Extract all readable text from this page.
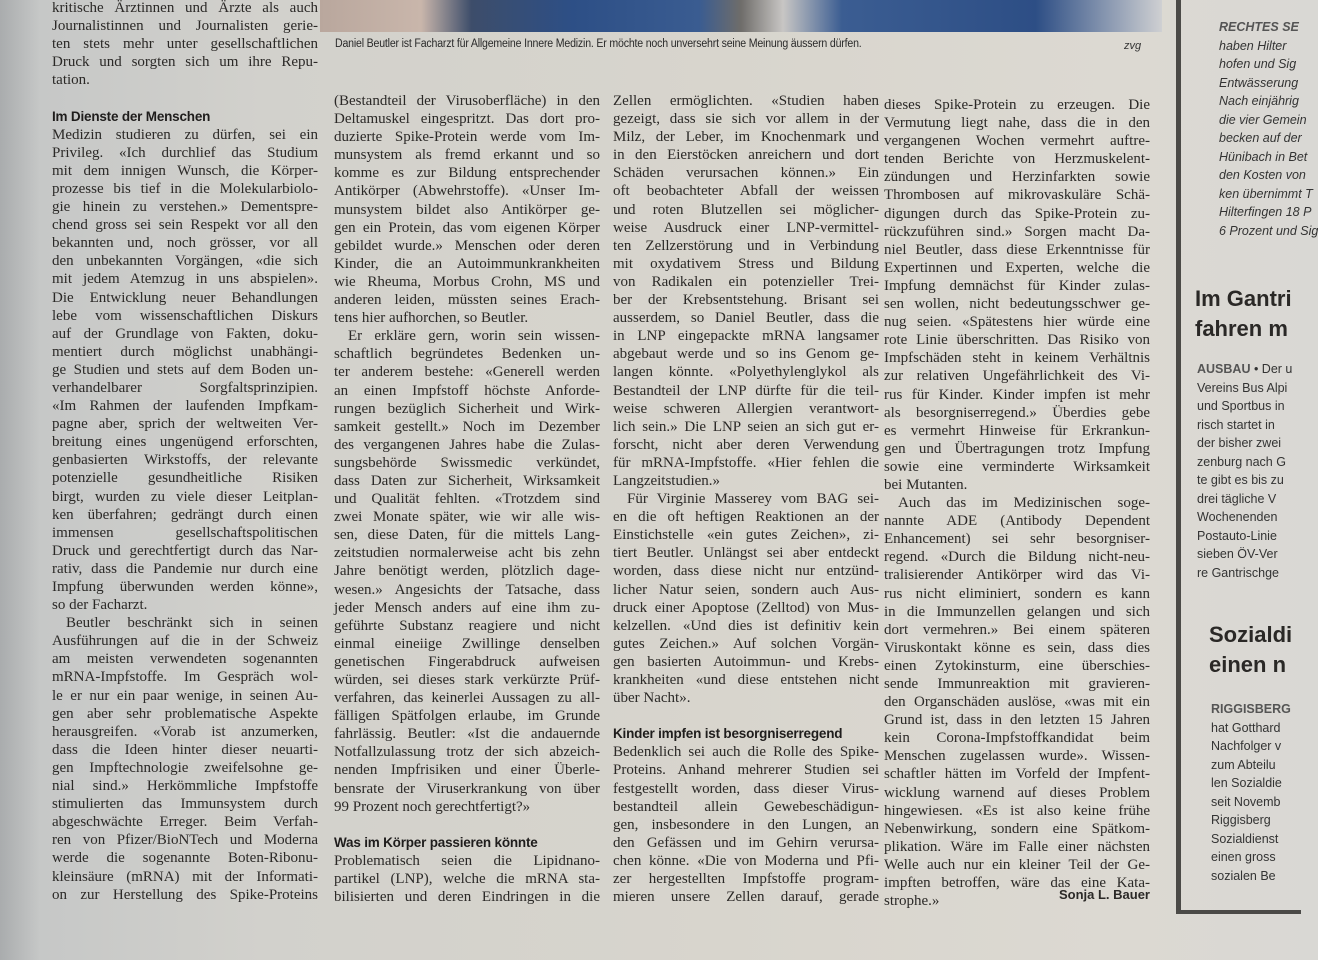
Daniel Beutler ist Facharzt für Allgemeine Innere Medizin. Er möchte noch unversehrt seine Meinung äussern dürfen.	zvg
kritische Ärztinnen und Ärzte als auch
Journalistinnen und Journalisten gerie-
ten stets mehr unter gesellschaftlichen
Druck und sorgten sich um ihre Repu-
tation.
Im Dienste der Menschen
Medizin studieren zu dürfen, sei ein
Privileg. «Ich durchlief das Studium
mit dem innigen Wunsch, die Körper-
prozesse bis tief in die Molekularbiolo-
gie hinein zu verstehen.» Dementspre-
chend gross sei sein Respekt vor all den
bekannten und, noch grösser, vor all
den unbekannten Vorgängen, «die sich
mit jedem Atemzug in uns abspielen».
Die Entwicklung neuer Behandlungen
lebe vom wissenschaftlichen Diskurs
auf der Grundlage von Fakten, doku-
mentiert durch möglichst unabhängi-
ge Studien und stets auf dem Boden un-
verhandelbarer Sorgfaltsprinzipien.
«Im Rahmen der laufenden Impfkam-
pagne aber, sprich der weltweiten Ver-
breitung eines ungenügend erforschten,
genbasierten Wirkstoffs, der relevante
potenzielle gesundheitliche Risiken
birgt, wurden zu viele dieser Leitplan-
ken überfahren; gedrängt durch einen
immensen gesellschaftspolitischen
Druck und gerechtfertigt durch das Nar-
rativ, dass die Pandemie nur durch eine
Impfung überwunden werden könne»,
so der Facharzt.
Beutler beschränkt sich in seinen
Ausführungen auf die in der Schweiz
am meisten verwendeten sogenannten
mRNA-Impfstoffe. Im Gespräch wol-
le er nur ein paar wenige, in seinen Au-
gen aber sehr problematische Aspekte
herausgreifen. «Vorab ist anzumerken,
dass die Ideen hinter dieser neuarti-
gen Impftechnologie zweifelsohne ge-
nial sind.» Herkömmliche Impfstoffe
stimulierten das Immunsystem durch
abgeschwächte Erreger. Beim Verfah-
ren von Pfizer/BioNTech und Moderna
werde die sogenannte Boten-Ribonu-
kleinsäure (mRNA) mit der Informati-
on zur Herstellung des Spike-Proteins
(Bestandteil der Virusoberfläche) in den
Deltamuskel eingespritzt. Das dort pro-
duzierte Spike-Protein werde vom Im-
munsystem als fremd erkannt und so
komme es zur Bildung entsprechender
Antikörper (Abwehrstoffe). «Unser Im-
munsystem bildet also Antikörper ge-
gen ein Protein, das vom eigenen Körper
gebildet wurde.» Menschen oder deren
Kinder, die an Autoimmunkrankheiten
wie Rheuma, Morbus Crohn, MS und
anderen leiden, müssten seines Erach-
tens hier aufhorchen, so Beutler.
Er erkläre gern, worin sein wissen-
schaftlich begründetes Bedenken un-
ter anderem bestehe: «Generell werden
an einen Impfstoff höchste Anforde-
rungen bezüglich Sicherheit und Wirk-
samkeit gestellt.» Noch im Dezember
des vergangenen Jahres habe die Zulas-
sungsbehörde Swissmedic verkündet,
dass Daten zur Sicherheit, Wirksamkeit
und Qualität fehlten. «Trotzdem sind
zwei Monate später, wie wir alle wis-
sen, diese Daten, für die mittels Lang-
zeitstudien normalerweise acht bis zehn
Jahre benötigt werden, plötzlich dage-
wesen.» Angesichts der Tatsache, dass
jeder Mensch anders auf eine ihm zu-
geführte Substanz reagiere und nicht
einmal eineiige Zwillinge denselben
genetischen Fingerabdruck aufweisen
würden, sei dieses stark verkürzte Prüf-
verfahren, das keinerlei Aussagen zu all-
fälligen Spätfolgen erlaube, im Grunde
fahrlässig. Beutler: «Ist die andauernde
Notfallzulassung trotz der sich abzeich-
nenden Impfrisiken und einer Überle-
bensrate der Viruserkrankung von über
99 Prozent noch gerechtfertigt?»
Was im Körper passieren könnte
Problematisch seien die Lipidnano-
partikel (LNP), welche die mRNA sta-
bilisierten und deren Eindringen in die
Zellen ermöglichten. «Studien haben
gezeigt, dass sie sich vor allem in der
Milz, der Leber, im Knochenmark und
in den Eierstöcken anreichern und dort
Schäden verursachen können.» Ein
oft beobachteter Abfall der weissen
und roten Blutzellen sei möglicher-
weise Ausdruck einer LNP-vermittel-
ten Zellzerstörung und in Verbindung
mit oxydativem Stress und Bildung
von Radikalen ein potenzieller Trei-
ber der Krebsentstehung. Brisant sei
ausserdem, so Daniel Beutler, dass die
in LNP eingepackte mRNA langsamer
abgebaut werde und so ins Genom ge-
langen könnte. «Polyethylenglykol als
Bestandteil der LNP dürfte für die teil-
weise schweren Allergien verantwort-
lich sein.» Die LNP seien an sich gut er-
forscht, nicht aber deren Verwendung
für mRNA-Impfstoffe. «Hier fehlen die
Langzeitstudien.»
Für Virginie Masserey vom BAG sei-
en die oft heftigen Reaktionen an der
Einstichstelle «ein gutes Zeichen», zi-
tiert Beutler. Unlängst sei aber entdeckt
worden, dass diese nicht nur entzünd-
licher Natur seien, sondern auch Aus-
druck einer Apoptose (Zelltod) von Mus-
kelzellen. «Und dies ist definitiv kein
gutes Zeichen.» Auf solchen Vorgän-
gen basierten Autoimmun- und Krebs-
krankheiten «und diese entstehen nicht
über Nacht».
Kinder impfen ist besorgniserregend
Bedenklich sei auch die Rolle des Spike-
Proteins. Anhand mehrerer Studien sei
festgestellt worden, dass dieser Virus-
bestandteil allein Gewebeschädigun-
gen, insbesondere in den Lungen, an
den Gefässen und im Gehirn verursa-
chen könne. «Die von Moderna und Pfi-
zer hergestellten Impfstoffe program-
mieren unsere Zellen darauf, gerade
dieses Spike-Protein zu erzeugen. Die
Vermutung liegt nahe, dass die in den
vergangenen Wochen vermehrt auftre-
tenden Berichte von Herzmuskelent-
zündungen und Herzinfarkten sowie
Thrombosen auf mikrovaskuläre Schä-
digungen durch das Spike-Protein zu-
rückzuführen sind.» Sorgen macht Da-
niel Beutler, dass diese Erkenntnisse für
Expertinnen und Experten, welche die
Impfung demnächst für Kinder zulas-
sen wollen, nicht bedeutungsschwer ge-
nug seien. «Spätestens hier würde eine
rote Linie überschritten. Das Risiko von
Impfschäden steht in keinem Verhältnis
zur relativen Ungefährlichkeit des Vi-
rus für Kinder. Kinder impfen ist mehr
als besorgniserregend.» Überdies gebe
es vermehrt Hinweise für Erkrankun-
gen und Übertragungen trotz Impfung
sowie eine verminderte Wirksamkeit
bei Mutanten.
Auch das im Medizinischen soge-
nannte ADE (Antibody Dependent
Enhancement) sei sehr besorgniser-
regend. «Durch die Bildung nicht-neu-
tralisierender Antikörper wird das Vi-
rus nicht eliminiert, sondern es kann
in die Immunzellen gelangen und sich
dort vermehren.» Bei einem späteren
Viruskontakt könne es sein, dass dies
einen Zytokinsturm, eine überschies-
sende Immunreaktion mit gravieren-
den Organschäden auslöse, «was mit ein
Grund ist, dass in den letzten 15 Jahren
kein Corona-Impfstoffkandidat beim
Menschen zugelassen wurde». Wissen-
schaftler hätten im Vorfeld der Impfent-
wicklung warnend auf dieses Problem
hingewiesen. «Es ist also keine frühe
Nebenwirkung, sondern eine Spätkom-
plikation. Wäre im Falle einer nächsten
Welle auch nur ein kleiner Teil der Ge-
impften betroffen, wäre das eine Kata-
strophe.»	Sonja L. Bauer
RECHTES SE
haben Hilter
hofen und Sig
Entwässerung
Nach einjährig
die vier Gemein
becken auf der
Hünibach in Bet
den Kosten von
ken übernimmt T
Hilterfingen 18 P
6 Prozent und Sig
Im Gantri
fahren m
AUSBAU • Der u
Vereins Bus Alpi
und Sportbus in
risch startet in
der bisher zwei
zenburg nach G
te gibt es bis zu
drei tägliche V
Wochenenden
Postauto-Linie
sieben ÖV-Ver
re Gantrischge
Sozialdi
einen n
RIGGISBERG
hat Gotthard
Nachfolger v
zum Abteilu
len Sozialdie
seit Novemb
Riggisberg
Sozialdienst
einen gross
sozialen Be
